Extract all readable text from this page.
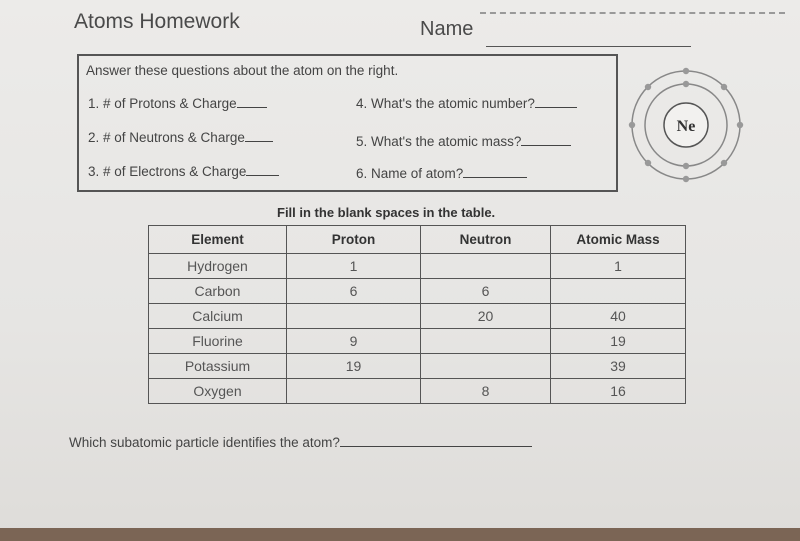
Atoms Homework	Name
Answer these questions about the atom on the right.
1. # of Protons & Charge
2. # of Neutrons & Charge
3. # of Electrons & Charge
4. What's the atomic number?
5. What's the atomic mass?
6. Name of atom?
Ne
Fill in the blank spaces in the table.
Element	Proton	Neutron	Atomic Mass
Hydrogen	1		1
Carbon	6	6	
Calcium		20	40
Fluorine	9		19
Potassium	19		39
Oxygen		8	16
Which subatomic particle identifies the atom?
